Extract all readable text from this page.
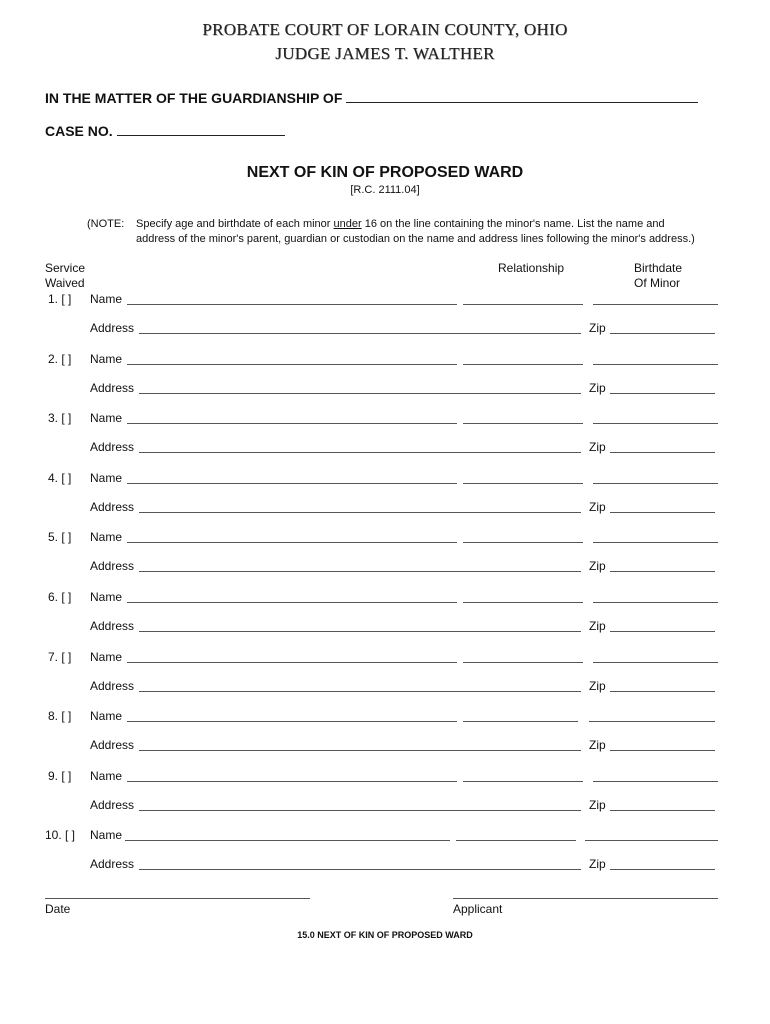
PROBATE COURT OF LORAIN COUNTY, OHIO
JUDGE JAMES T. WALTHER
IN THE MATTER OF THE GUARDIANSHIP OF
CASE NO.
NEXT OF KIN OF PROPOSED WARD
[R.C. 2111.04]
(NOTE: Specify age and birthdate of each minor under 16 on the line containing the minor's name. List the name and
address of the minor's parent, guardian or custodian on the name and address lines following the minor's address.)
Service
Waived
Relationship	Birthdate
Of Minor
1. [ ] Name
Address	Zip
2. [ ] Name
Address	Zip
3. [ ] Name
Address	Zip
4. [ ] Name
Address	Zip
5. [ ] Name
Address	Zip
6. [ ] Name
Address	Zip
7. [ ] Name
Address	Zip
8. [ ] Name
Address	Zip
9. [ ] Name
Address	Zip
10. [ ] Name
Address	Zip
Date	Applicant
15.0 NEXT OF KIN OF PROPOSED WARD
